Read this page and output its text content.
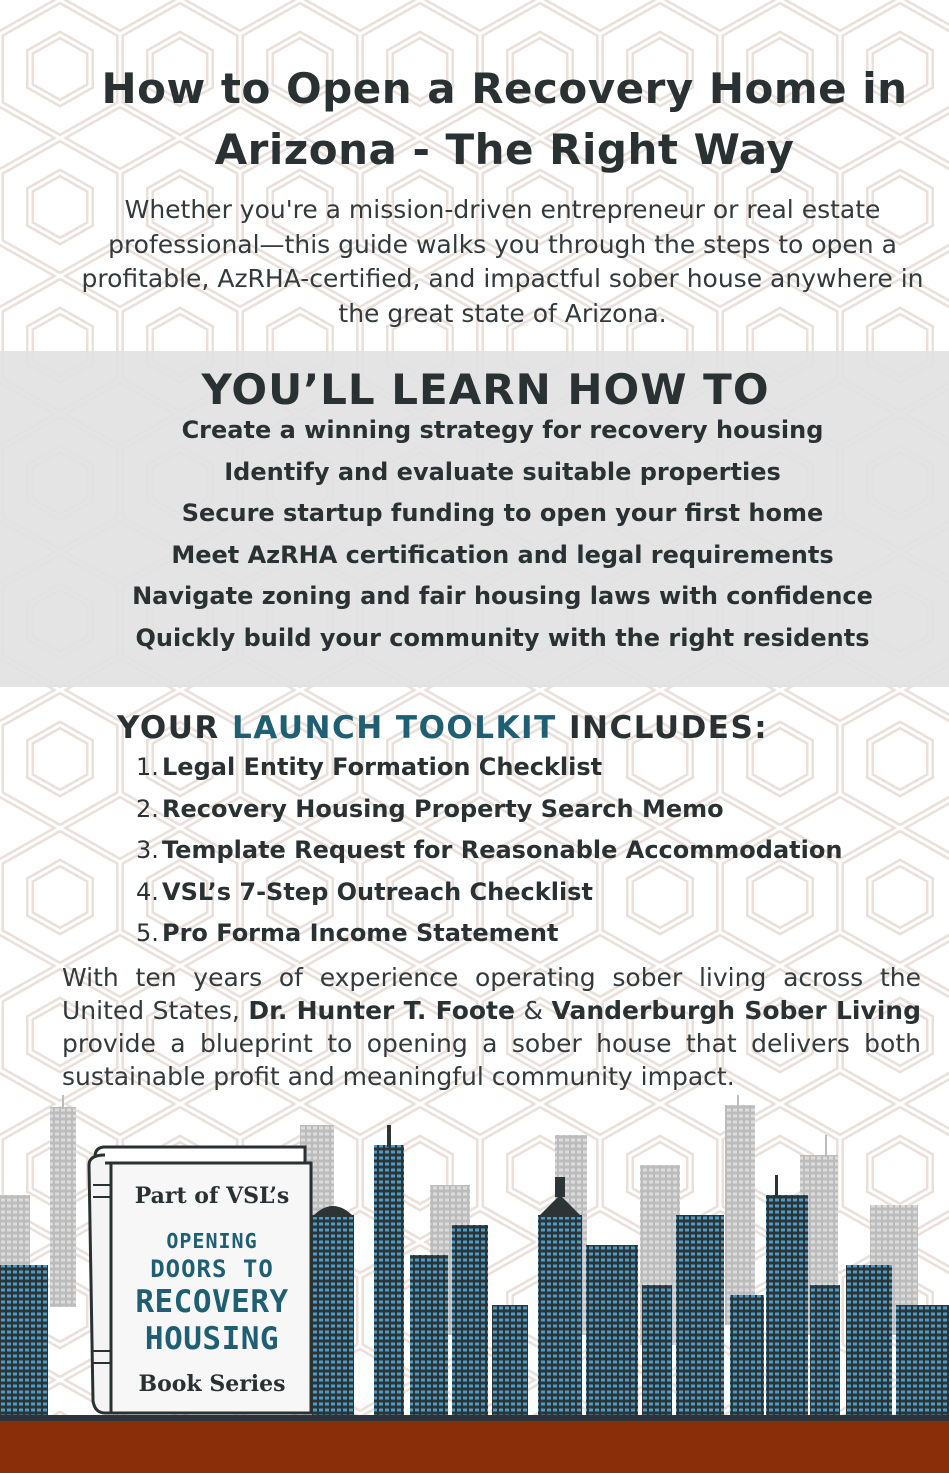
How to Open a Recovery Home in
Arizona - The Right Way

Whether you're a mission-driven entrepreneur or real estate professional—this guide walks you through the steps to open a profitable, AzRHA-certified, and impactful sober house anywhere in the great state of Arizona.

YOU’LL LEARN HOW TO
Create a winning strategy for recovery housing
Identify and evaluate suitable properties
Secure startup funding to open your first home
Meet AzRHA certification and legal requirements
Navigate zoning and fair housing laws with confidence
Quickly build your community with the right residents
YOUR LAUNCH TOOLKIT INCLUDES:
1. Legal Entity Formation Checklist
2. Recovery Housing Property Search Memo
3. Template Request for Reasonable Accommodation
4. VSL’s 7-Step Outreach Checklist
5. Pro Forma Income Statement

With ten years of experience operating sober living across the United States, Dr. Hunter T. Foote & Vanderburgh Sober Living provide a blueprint to opening a sober house that delivers both sustainable profit and meaningful community impact.

Part of VSL’s

OPENING
DOORS TO
RECOVERY
HOUSING

Book Series
